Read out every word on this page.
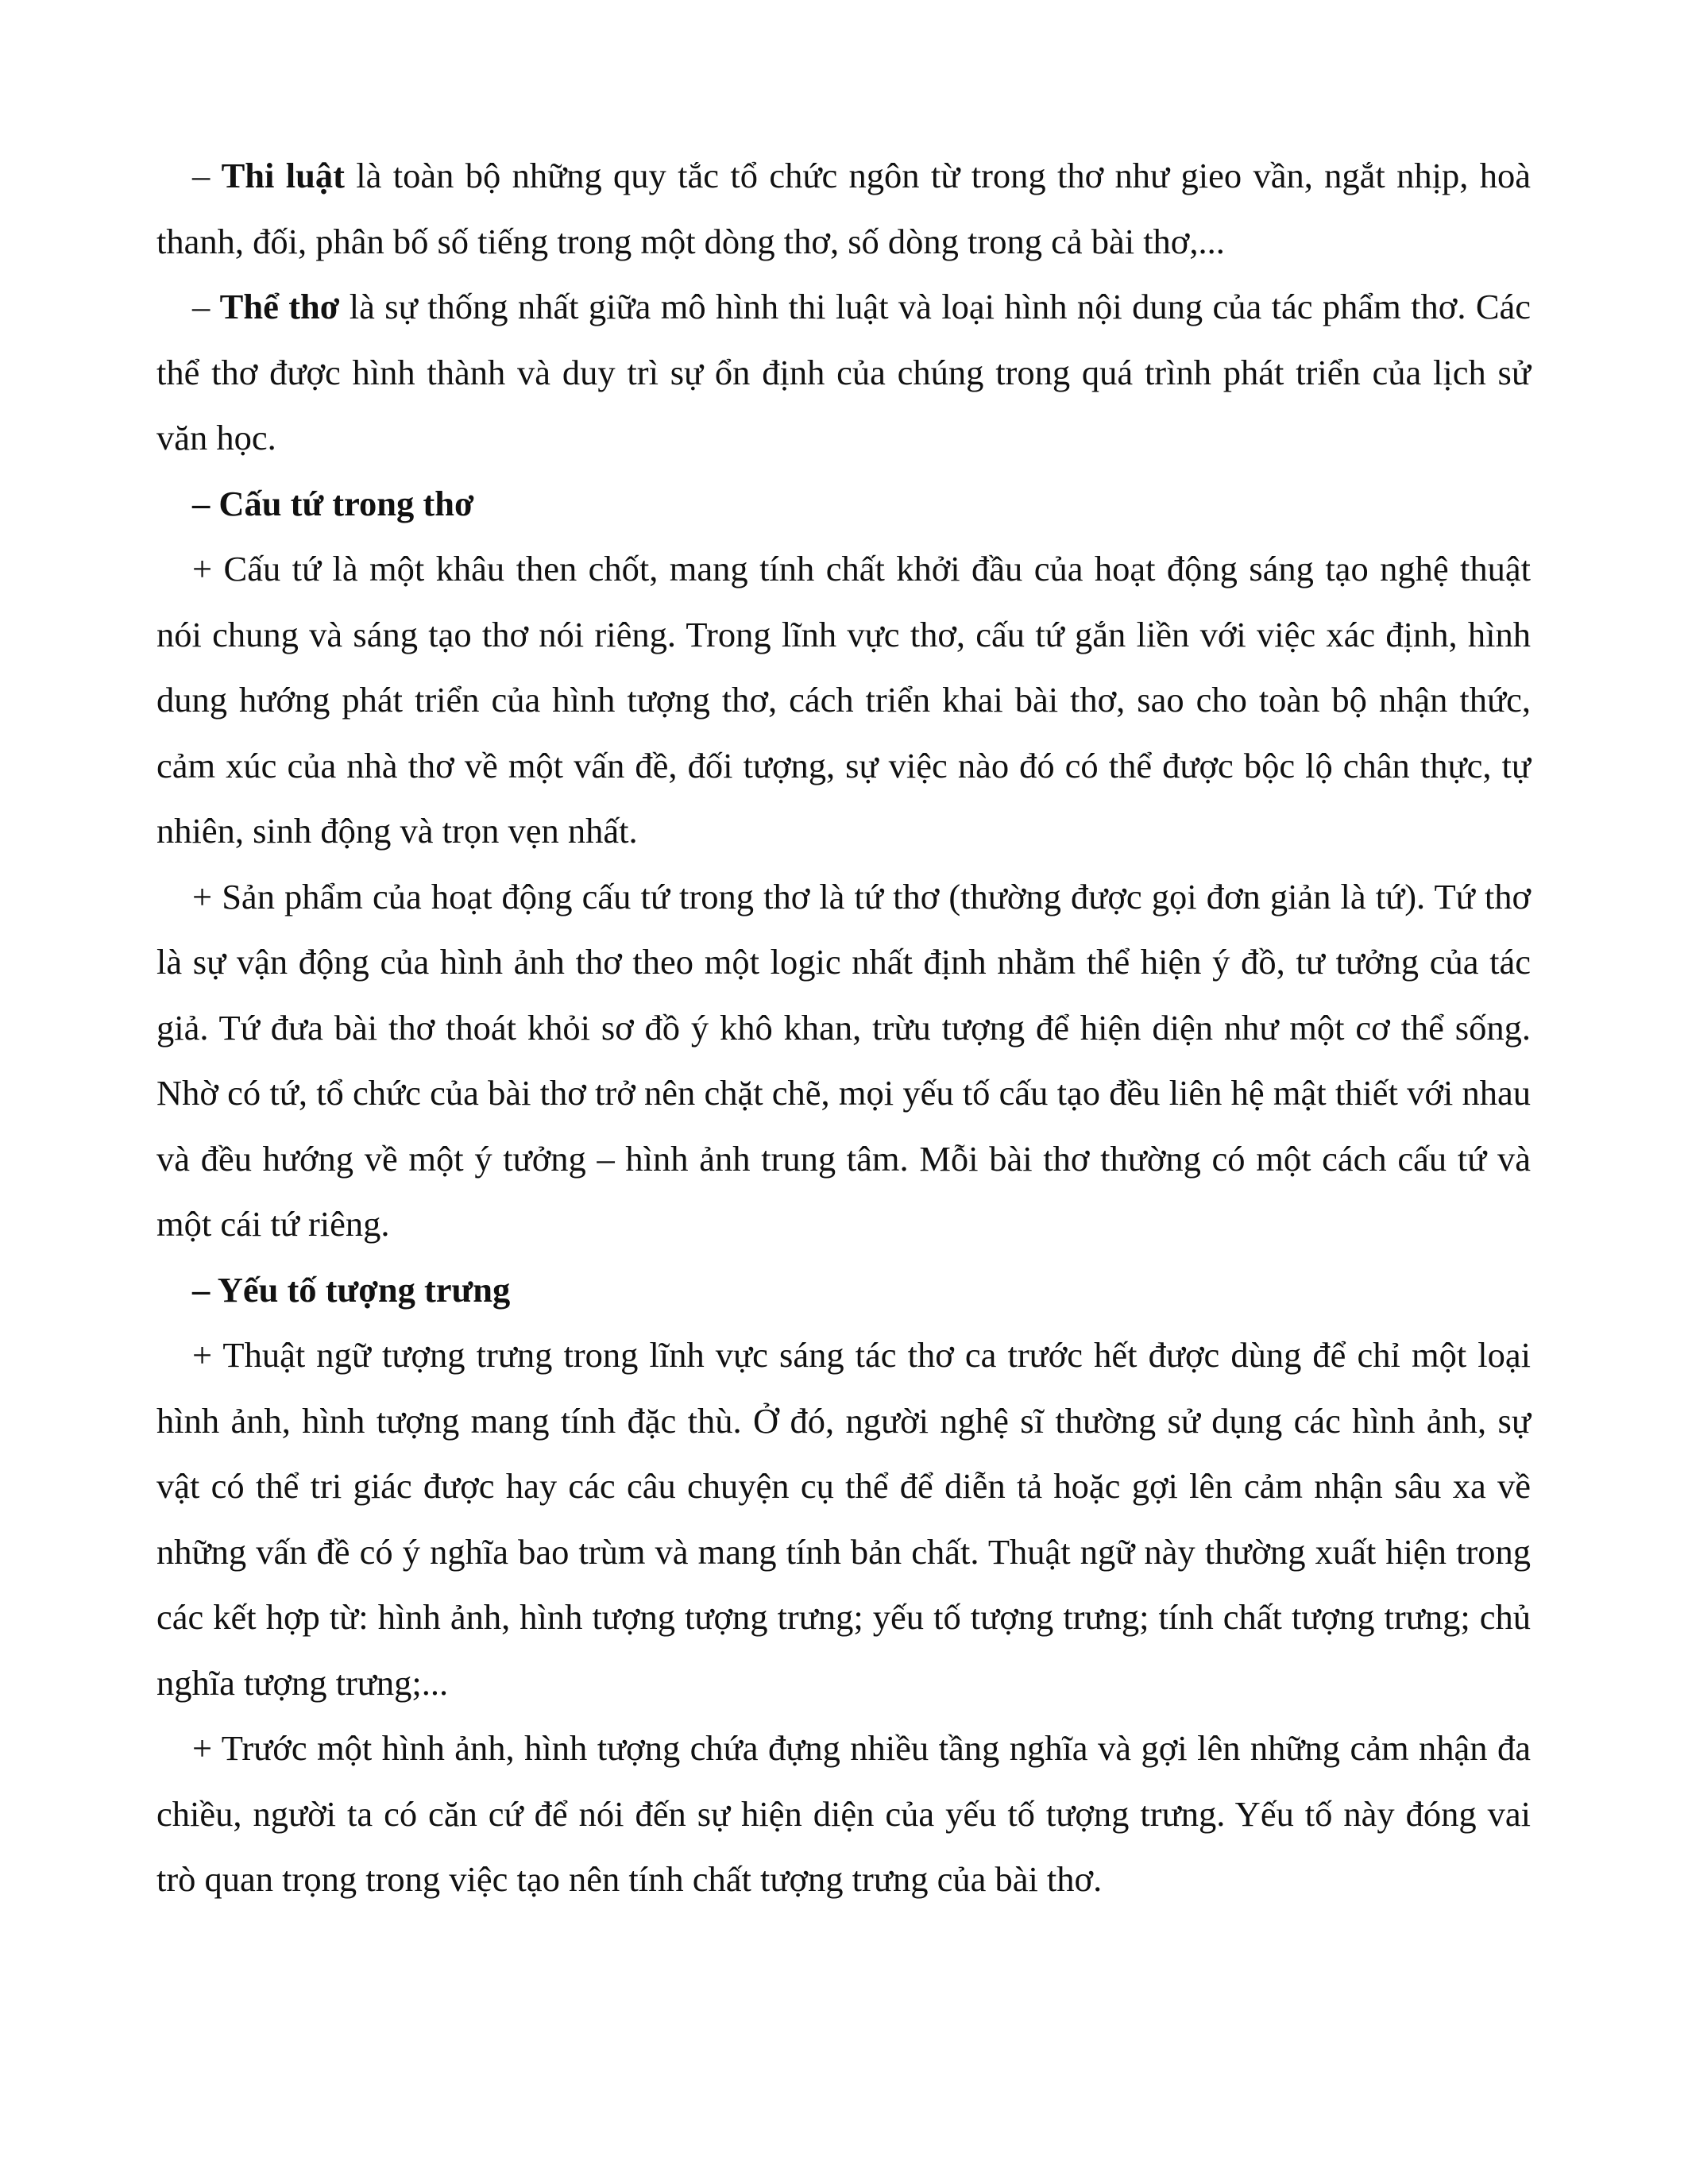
– Thi luật là toàn bộ những quy tắc tổ chức ngôn từ trong thơ như gieo vần, ngắt nhịp, hoà thanh, đối, phân bố số tiếng trong một dòng thơ, số dòng trong cả bài thơ,...

– Thể thơ là sự thống nhất giữa mô hình thi luật và loại hình nội dung của tác phẩm thơ. Các thể thơ được hình thành và duy trì sự ổn định của chúng trong quá trình phát triển của lịch sử văn học.

– Cấu tứ trong thơ

+ Cấu tứ là một khâu then chốt, mang tính chất khởi đầu của hoạt động sáng tạo nghệ thuật nói chung và sáng tạo thơ nói riêng. Trong lĩnh vực thơ, cấu tứ gắn liền với việc xác định, hình dung hướng phát triển của hình tượng thơ, cách triển khai bài thơ, sao cho toàn bộ nhận thức, cảm xúc của nhà thơ về một vấn đề, đối tượng, sự việc nào đó có thể được bộc lộ chân thực, tự nhiên, sinh động và trọn vẹn nhất.

+ Sản phẩm của hoạt động cấu tứ trong thơ là tứ thơ (thường được gọi đơn giản là tứ). Tứ thơ là sự vận động của hình ảnh thơ theo một logic nhất định nhằm thể hiện ý đồ, tư tưởng của tác giả. Tứ đưa bài thơ thoát khỏi sơ đồ ý khô khan, trừu tượng để hiện diện như một cơ thể sống. Nhờ có tứ, tổ chức của bài thơ trở nên chặt chẽ, mọi yếu tố cấu tạo đều liên hệ mật thiết với nhau và đều hướng về một ý tưởng – hình ảnh trung tâm. Mỗi bài thơ thường có một cách cấu tứ và một cái tứ riêng.

– Yếu tố tượng trưng

+ Thuật ngữ tượng trưng trong lĩnh vực sáng tác thơ ca trước hết được dùng để chỉ một loại hình ảnh, hình tượng mang tính đặc thù. Ở đó, người nghệ sĩ thường sử dụng các hình ảnh, sự vật có thể tri giác được hay các câu chuyện cụ thể để diễn tả hoặc gợi lên cảm nhận sâu xa về những vấn đề có ý nghĩa bao trùm và mang tính bản chất. Thuật ngữ này thường xuất hiện trong các kết hợp từ: hình ảnh, hình tượng tượng trưng; yếu tố tượng trưng; tính chất tượng trưng; chủ nghĩa tượng trưng;...

+ Trước một hình ảnh, hình tượng chứa đựng nhiều tầng nghĩa và gợi lên những cảm nhận đa chiều, người ta có căn cứ để nói đến sự hiện diện của yếu tố tượng trưng. Yếu tố này đóng vai trò quan trọng trong việc tạo nên tính chất tượng trưng của bài thơ.
